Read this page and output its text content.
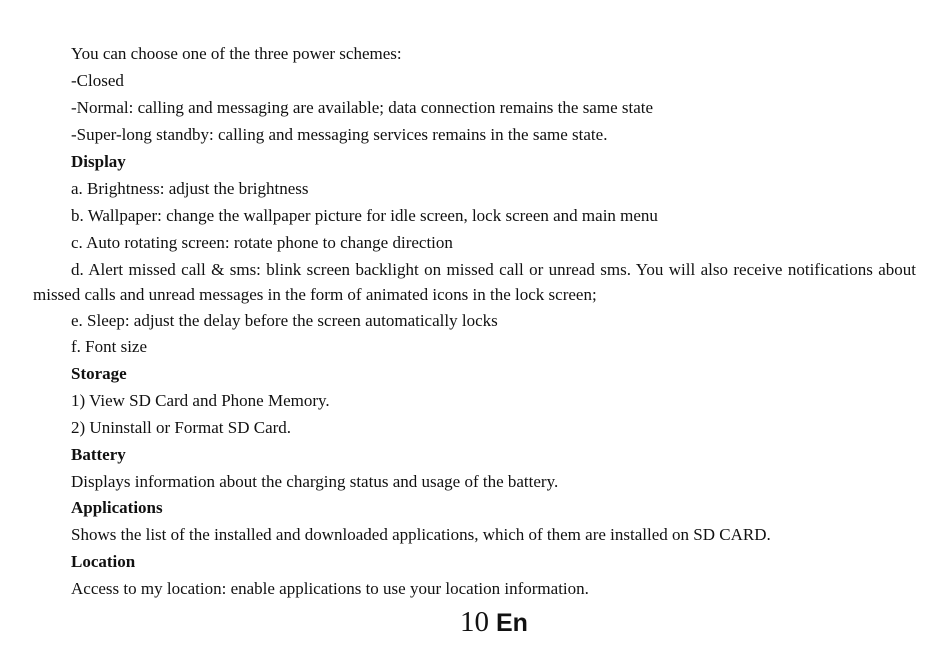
You can choose one of the three power schemes:

-Closed

-Normal: calling and messaging are available; data connection remains the same state

-Super-long standby: calling and messaging services remains in the same state.

Display

a. Brightness: adjust the brightness

b. Wallpaper: change the wallpaper picture for idle screen, lock screen and main menu

c. Auto rotating screen: rotate phone to change direction

d. Alert missed call & sms: blink screen backlight on missed call or unread sms. You will also receive notifications about missed calls and unread messages in the form of animated icons in the lock screen;

e. Sleep: adjust the delay before the screen automatically locks

f. Font size

Storage

1) View SD Card and Phone Memory.

2) Uninstall or Format SD Card.

Battery

Displays information about the charging status and usage of the battery.

Applications

Shows the list of the installed and downloaded applications, which of them are installed on SD CARD.

Location

Access to my location: enable applications to use your location information.

10 En
